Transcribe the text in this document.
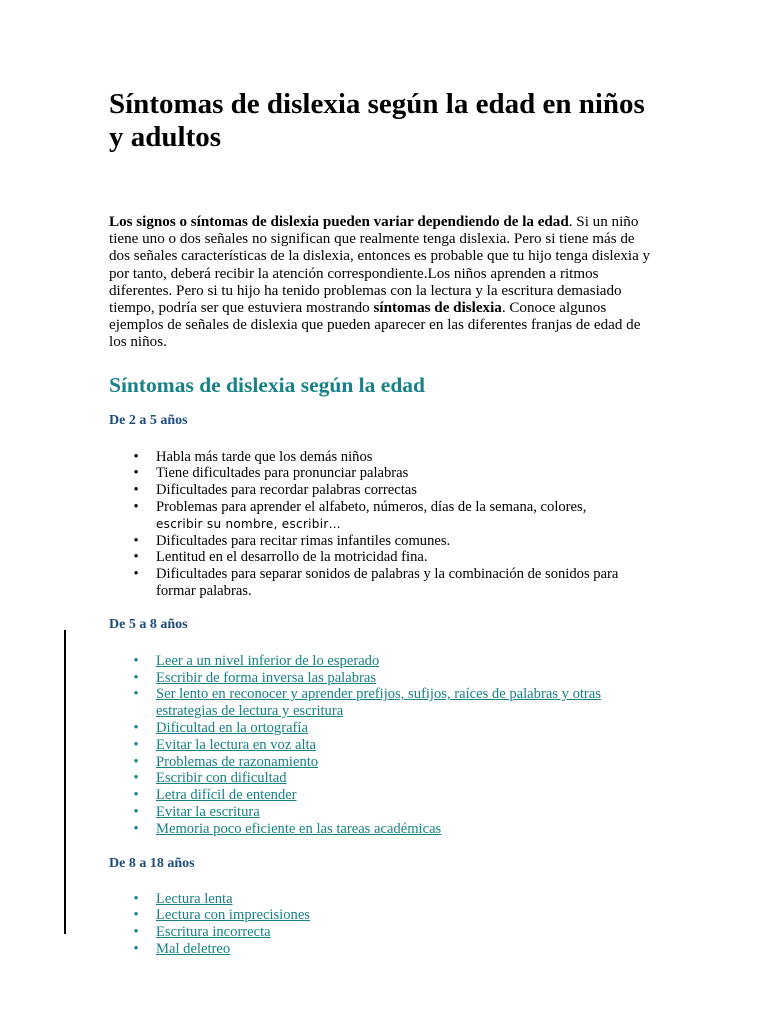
Síntomas de dislexia según la edad en niños y adultos

Los signos o síntomas de dislexia pueden variar dependiendo de la edad. Si un niño tiene uno o dos señales no significan que realmente tenga dislexia. Pero si tiene más de dos señales características de la dislexia, entonces es probable que tu hijo tenga dislexia y por tanto, deberá recibir la atención correspondiente.Los niños aprenden a ritmos diferentes. Pero si tu hijo ha tenido problemas con la lectura y la escritura demasiado tiempo, podría ser que estuviera mostrando síntomas de dislexia. Conoce algunos ejemplos de señales de dislexia que pueden aparecer en las diferentes franjas de edad de los niños.

Síntomas de dislexia según la edad
De 2 a 5 años
• Habla más tarde que los demás niños
• Tiene dificultades para pronunciar palabras
• Dificultades para recordar palabras correctas
• Problemas para aprender el alfabeto, números, días de la semana, colores,
escribir su nombre, escribir…
• Dificultades para recitar rimas infantiles comunes.
• Lentitud en el desarrollo de la motricidad fina.
• Dificultades para separar sonidos de palabras y la combinación de sonidos para formar palabras.
De 5 a 8 años
• Leer a un nivel inferior de lo esperado
• Escribir de forma inversa las palabras
• Ser lento en reconocer y aprender prefijos, sufijos, raíces de palabras y otras estrategias de lectura y escritura
• Dificultad en la ortografía
• Evitar la lectura en voz alta
• Problemas de razonamiento
• Escribir con dificultad
• Letra difícil de entender
• Evitar la escritura
• Memoria poco eficiente en las tareas académicas
De 8 a 18 años
• Lectura lenta
• Lectura con imprecisiones
• Escritura incorrecta
• Mal deletreo
